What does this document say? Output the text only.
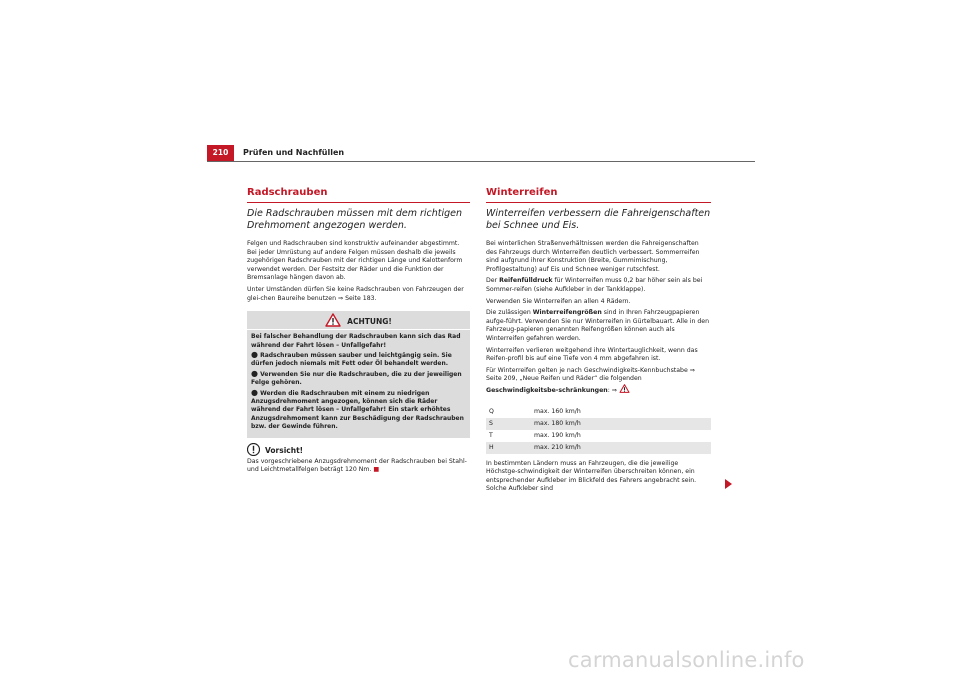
210	Prüfen und Nachfüllen
Radschrauben
Die Radschrauben müssen mit dem richtigen Drehmoment angezogen werden.

Felgen und Radschrauben sind konstruktiv aufeinander abgestimmt. Bei jeder Umrüstung auf andere Felgen müssen deshalb die jeweils zugehörigen Radschrauben mit der richtigen Länge und Kalottenform verwendet werden. Der Festsitz der Räder und die Funktion der Bremsanlage hängen davon ab.

Unter Umständen dürfen Sie keine Radschrauben von Fahrzeugen der glei-chen Baureihe benutzen ⇒ Seite 183.

ACHTUNG!

Bei falscher Behandlung der Radschrauben kann sich das Rad während der Fahrt lösen – Unfallgefahr!

● Radschrauben müssen sauber und leichtgängig sein. Sie dürfen jedoch niemals mit Fett oder Öl behandelt werden.

● Verwenden Sie nur die Radschrauben, die zu der jeweiligen Felge gehören.

● Werden die Radschrauben mit einem zu niedrigen Anzugsdrehmoment angezogen, können sich die Räder während der Fahrt lösen – Unfallgefahr! Ein stark erhöhtes Anzugsdrehmoment kann zur Beschädigung der Radschrauben bzw. der Gewinde führen.

Vorsicht!

Das vorgeschriebene Anzugsdrehmoment der Radschrauben bei Stahl- und Leichtmetallfelgen beträgt 120 Nm. ■

Winterreifen
Winterreifen verbessern die Fahreigenschaften bei Schnee und Eis.

Bei winterlichen Straßenverhältnissen werden die Fahreigenschaften des Fahrzeugs durch Winterreifen deutlich verbessert. Sommerreifen sind aufgrund ihrer Konstruktion (Breite, Gummimischung, Profilgestaltung) auf Eis und Schnee weniger rutschfest.

Der Reifenfülldruck für Winterreifen muss 0,2 bar höher sein als bei Sommer-reifen (siehe Aufkleber in der Tankklappe).

Verwenden Sie Winterreifen an allen 4 Rädern.

Die zulässigen Winterreifengrößen sind in Ihren Fahrzeugpapieren aufge-führt. Verwenden Sie nur Winterreifen in Gürtelbauart. Alle in den Fahrzeug-papieren genannten Reifengrößen können auch als Winterreifen gefahren werden.

Winterreifen verlieren weitgehend ihre Wintertauglichkeit, wenn das Reifen-profil bis auf eine Tiefe von 4 mm abgefahren ist.

Für Winterreifen gelten je nach Geschwindigkeits-Kennbuchstabe ⇒ Seite 209, „Neue Reifen und Räder“ die folgenden Geschwindigkeitsbe-schränkungen: ⇒

Q	max. 160 km/h
S	max. 180 km/h
T	max. 190 km/h
H	max. 210 km/h

In bestimmten Ländern muss an Fahrzeugen, die die jeweilige Höchstge-schwindigkeit der Winterreifen überschreiten können, ein entsprechender Aufkleber im Blickfeld des Fahrers angebracht sein. Solche Aufkleber sind

carmanualsonline.info
